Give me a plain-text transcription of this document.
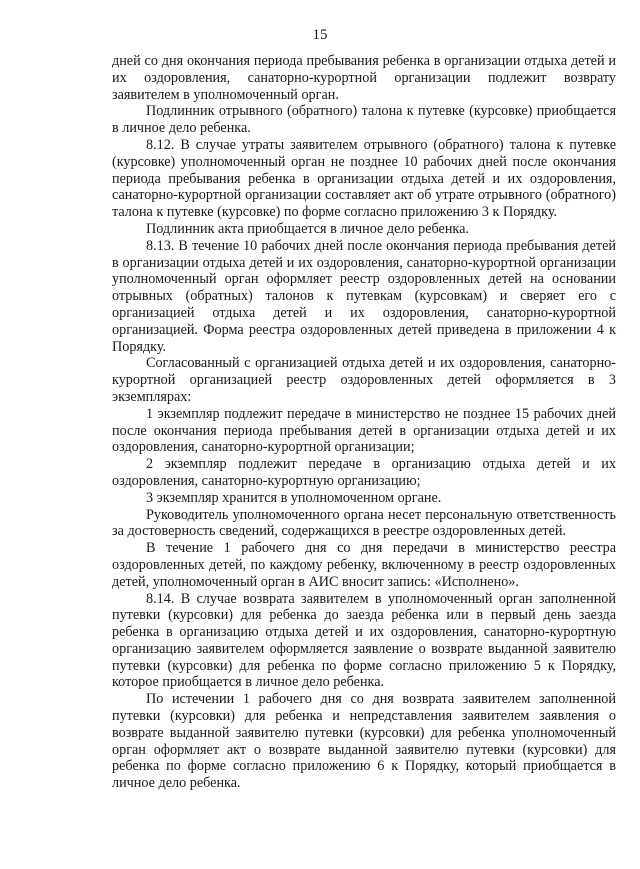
15

дней со дня окончания периода пребывания ребенка в организации отдыха детей и их оздоровления, санаторно-курортной организации подлежит возврату заявителем в уполномоченный орган.

Подлинник отрывного (обратного) талона к путевке (курсовке) приобщается в личное дело ребенка.

8.12. В случае утраты заявителем отрывного (обратного) талона к путевке (курсовке) уполномоченный орган не позднее 10 рабочих дней после окончания периода пребывания ребенка в организации отдыха детей и их оздоровления, санаторно-курортной организации составляет акт об утрате отрывного (обратного) талона к путевке (курсовке) по форме согласно приложению 3 к Порядку.

Подлинник акта приобщается в личное дело ребенка.

8.13. В течение 10 рабочих дней после окончания периода пребывания детей в организации отдыха детей и их оздоровления, санаторно-курортной организации уполномоченный орган оформляет реестр оздоровленных детей на основании отрывных (обратных) талонов к путевкам (курсовкам) и сверяет его с организацией отдыха детей и их оздоровления, санаторно-курортной организацией. Форма реестра оздоровленных детей приведена в приложении 4 к Порядку.

Согласованный с организацией отдыха детей и их оздоровления, санаторно-курортной организацией реестр оздоровленных детей оформляется в 3 экземплярах:

1 экземпляр подлежит передаче в министерство не позднее 15 рабочих дней после окончания периода пребывания детей в организации отдыха детей и их оздоровления, санаторно-курортной организации;

2 экземпляр подлежит передаче в организацию отдыха детей и их оздоровления, санаторно-курортную организацию;

3 экземпляр хранится в уполномоченном органе.

Руководитель уполномоченного органа несет персональную ответственность за достоверность сведений, содержащихся в реестре оздоровленных детей.

В течение 1 рабочего дня со дня передачи в министерство реестра оздоровленных детей, по каждому ребенку, включенному в реестр оздоровленных детей, уполномоченный орган в АИС вносит запись: «Исполнено».

8.14. В случае возврата заявителем в уполномоченный орган заполненной путевки (курсовки) для ребенка до заезда ребенка или в первый день заезда ребенка в организацию отдыха детей и их оздоровления, санаторно-курортную организацию заявителем оформляется заявление о возврате выданной заявителю путевки (курсовки) для ребенка по форме согласно приложению 5 к Порядку, которое приобщается в личное дело ребенка.

По истечении 1 рабочего дня со дня возврата заявителем заполненной путевки (курсовки) для ребенка и непредставления заявителем заявления о возврате выданной заявителю путевки (курсовки) для ребенка уполномоченный орган оформляет акт о возврате выданной заявителю путевки (курсовки) для ребенка по форме согласно приложению 6 к Порядку, который приобщается в личное дело ребенка.
